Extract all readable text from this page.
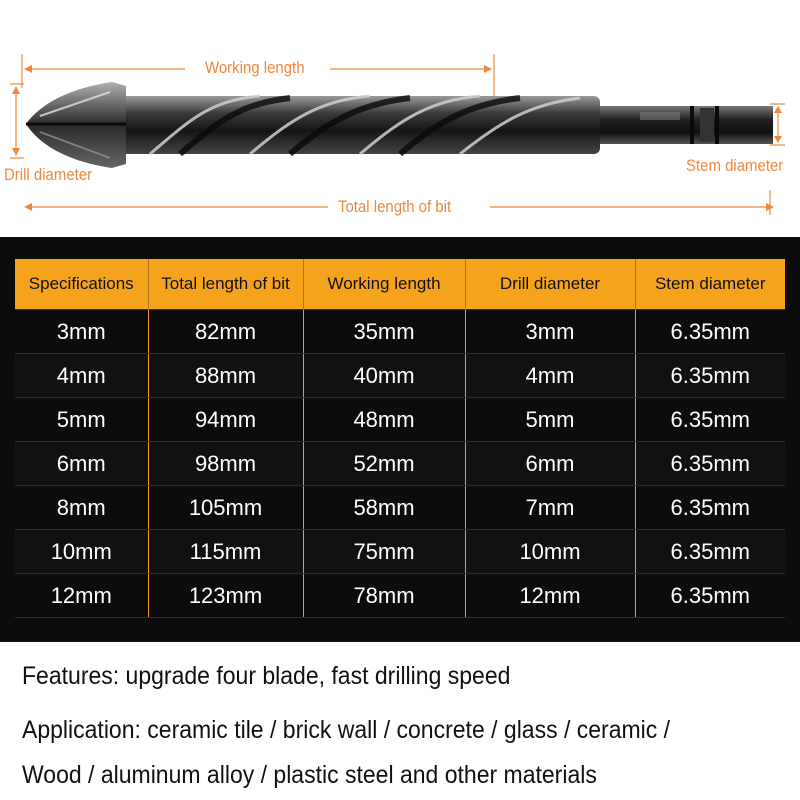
Working length
Drill diameter	Stem diameter
Total length of bit
Specifications	Total length of bit	Working length	Drill diameter	Stem diameter
3mm	82mm	35mm	3mm	6.35mm
4mm	88mm	40mm	4mm	6.35mm
5mm	94mm	48mm	5mm	6.35mm
6mm	98mm	52mm	6mm	6.35mm
8mm	105mm	58mm	7mm	6.35mm
10mm	115mm	75mm	10mm	6.35mm
12mm	123mm	78mm	12mm	6.35mm
Features: upgrade four blade, fast drilling speed
Application: ceramic tile / brick wall / concrete / glass / ceramic /
Wood / aluminum alloy / plastic steel and other materials
